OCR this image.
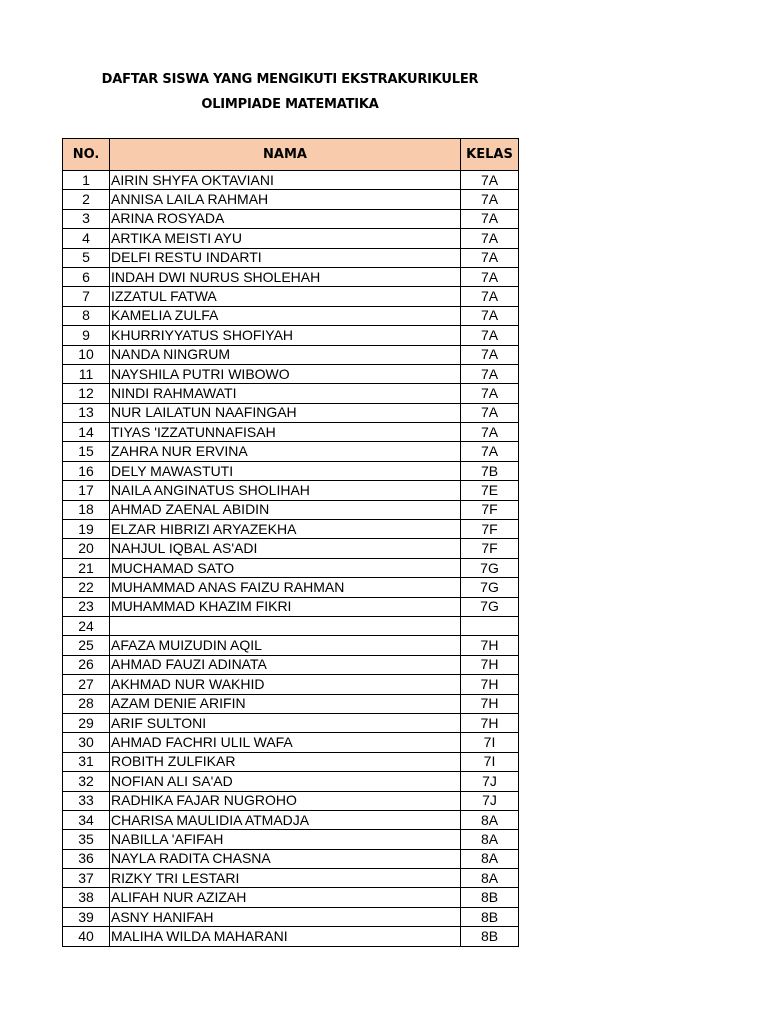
DAFTAR SISWA YANG MENGIKUTI EKSTRAKURIKULER
OLIMPIADE MATEMATIKA
NO.	NAMA	KELAS
1	AIRIN SHYFA OKTAVIANI	7A
2	ANNISA LAILA RAHMAH	7A
3	ARINA ROSYADA	7A
4	ARTIKA MEISTI AYU	7A
5	DELFI RESTU INDARTI	7A
6	INDAH DWI NURUS SHOLEHAH	7A
7	IZZATUL FATWA	7A
8	KAMELIA ZULFA	7A
9	KHURRIYYATUS SHOFIYAH	7A
10	NANDA NINGRUM	7A
11	NAYSHILA PUTRI WIBOWO	7A
12	NINDI RAHMAWATI	7A
13	NUR LAILATUN NAAFINGAH	7A
14	TIYAS 'IZZATUNNAFISAH	7A
15	ZAHRA NUR ERVINA	7A
16	DELY MAWASTUTI	7B
17	NAILA ANGINATUS SHOLIHAH	7E
18	AHMAD ZAENAL ABIDIN	7F
19	ELZAR HIBRIZI ARYAZEKHA	7F
20	NAHJUL IQBAL AS'ADI	7F
21	MUCHAMAD SATO	7G
22	MUHAMMAD ANAS FAIZU RAHMAN	7G
23	MUHAMMAD KHAZIM FIKRI	7G
24		
25	AFAZA MUIZUDIN AQIL	7H
26	AHMAD FAUZI ADINATA	7H
27	AKHMAD NUR WAKHID	7H
28	AZAM DENIE ARIFIN	7H
29	ARIF SULTONI	7H
30	AHMAD FACHRI ULIL WAFA	7I
31	ROBITH ZULFIKAR	7I
32	NOFIAN ALI SA'AD	7J
33	RADHIKA FAJAR NUGROHO	7J
34	CHARISA MAULIDIA ATMADJA	8A
35	NABILLA 'AFIFAH	8A
36	NAYLA RADITA CHASNA	8A
37	RIZKY TRI LESTARI	8A
38	ALIFAH NUR AZIZAH	8B
39	ASNY HANIFAH	8B
40	MALIHA WILDA MAHARANI	8B
